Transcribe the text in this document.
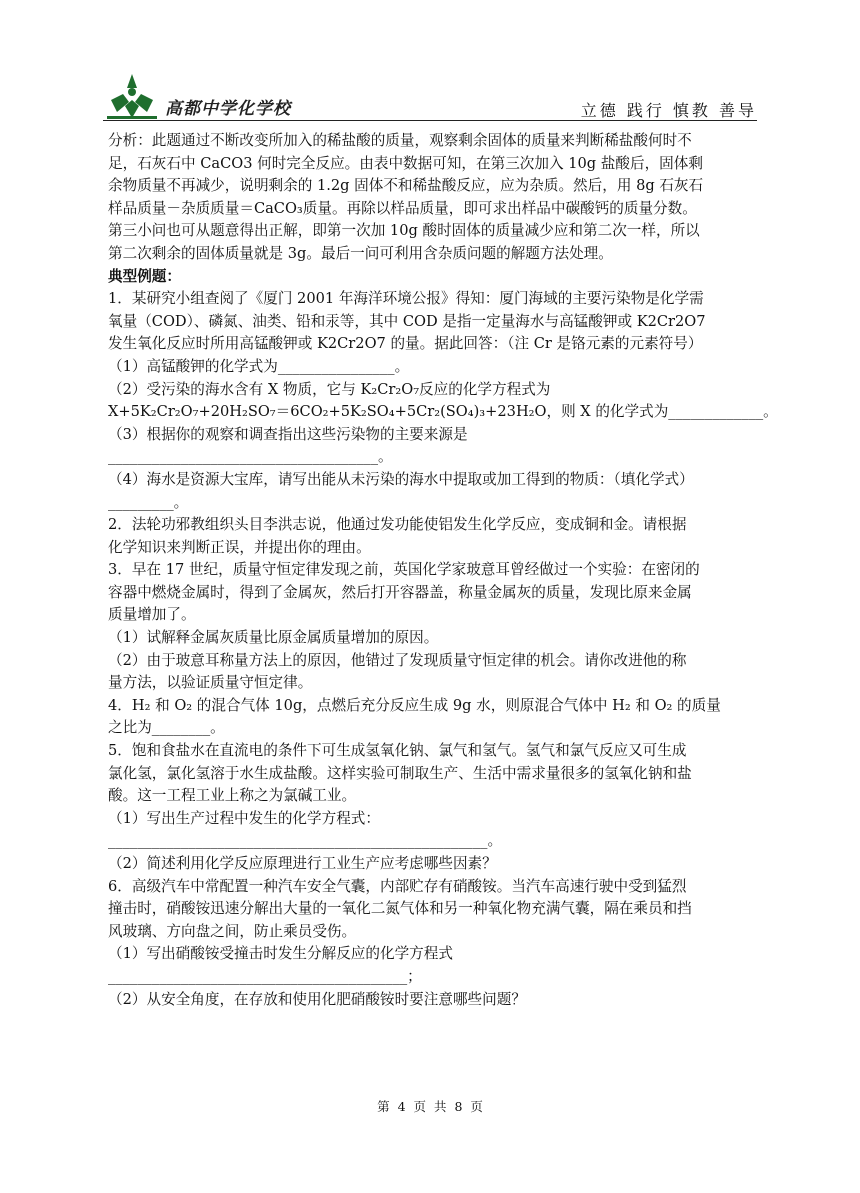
高都中学化学校	立德 践行 慎教 善导

分析：此题通过不断改变所加入的稀盐酸的质量，观察剩余固体的质量来判断稀盐酸何时不

足，石灰石中 CaCO3 何时完全反应。由表中数据可知，在第三次加入 10g 盐酸后，固体剩

余物质量不再减少，说明剩余的 1.2g 固体不和稀盐酸反应，应为杂质。然后，用 8g 石灰石

样品质量－杂质质量＝CaCO₃质量。再除以样品质量，即可求出样品中碳酸钙的质量分数。

第三小问也可从题意得出正解，即第一次加 10g 酸时固体的质量减少应和第二次一样，所以

第二次剩余的固体质量就是 3g。最后一问可利用含杂质问题的解题方法处理。

典型例题：

1．某研究小组查阅了《厦门 2001 年海洋环境公报》得知：厦门海域的主要污染物是化学需

氧量（COD）、磷氮、油类、铅和汞等，其中 COD 是指一定量海水与高锰酸钾或 K2Cr2O7

发生氧化反应时所用高锰酸钾或 K2Cr2O7 的量。据此回答：（注 Cr 是铬元素的元素符号）

（1）高锰酸钾的化学式为________________。

（2）受污染的海水含有 X 物质，它与 K₂Cr₂O₇反应的化学方程式为

X+5K₂Cr₂O₇+20H₂SO₇＝6CO₂+5K₂SO₄+5Cr₂(SO₄)₃+23H₂O，则 X 的化学式为_____________。

（3）根据你的观察和调查指出这些污染物的主要来源是

_____________________________________。

（4）海水是资源大宝库，请写出能从未污染的海水中提取或加工得到的物质：（填化学式）

_________。

2．法轮功邪教组织头目李洪志说，他通过发功能使铝发生化学反应，变成铜和金。请根据

化学知识来判断正误，并提出你的理由。

3．早在 17 世纪，质量守恒定律发现之前，英国化学家玻意耳曾经做过一个实验：在密闭的

容器中燃烧金属时，得到了金属灰，然后打开容器盖，称量金属灰的质量，发现比原来金属

质量增加了。

（1）试解释金属灰质量比原金属质量增加的原因。

（2）由于玻意耳称量方法上的原因，他错过了发现质量守恒定律的机会。请你改进他的称

量方法，以验证质量守恒定律。

4．H₂ 和 O₂ 的混合气体 10g，点燃后充分反应生成 9g 水，则原混合气体中 H₂ 和 O₂ 的质量

之比为________。

5．饱和食盐水在直流电的条件下可生成氢氧化钠、氯气和氢气。氢气和氯气反应又可生成

氯化氢，氯化氢溶于水生成盐酸。这样实验可制取生产、生活中需求量很多的氢氧化钠和盐

酸。这一工程工业上称之为氯碱工业。

（1）写出生产过程中发生的化学方程式：

____________________________________________________。

（2）简述利用化学反应原理进行工业生产应考虑哪些因素？

6．高级汽车中常配置一种汽车安全气囊，内部贮存有硝酸铵。当汽车高速行驶中受到猛烈

撞击时，硝酸铵迅速分解出大量的一氧化二氮气体和另一种氧化物充满气囊，隔在乘员和挡

风玻璃、方向盘之间，防止乘员受伤。

（1）写出硝酸铵受撞击时发生分解反应的化学方程式

_________________________________________；

（2）从安全角度，在存放和使用化肥硝酸铵时要注意哪些问题？

第 4 页 共 8 页
